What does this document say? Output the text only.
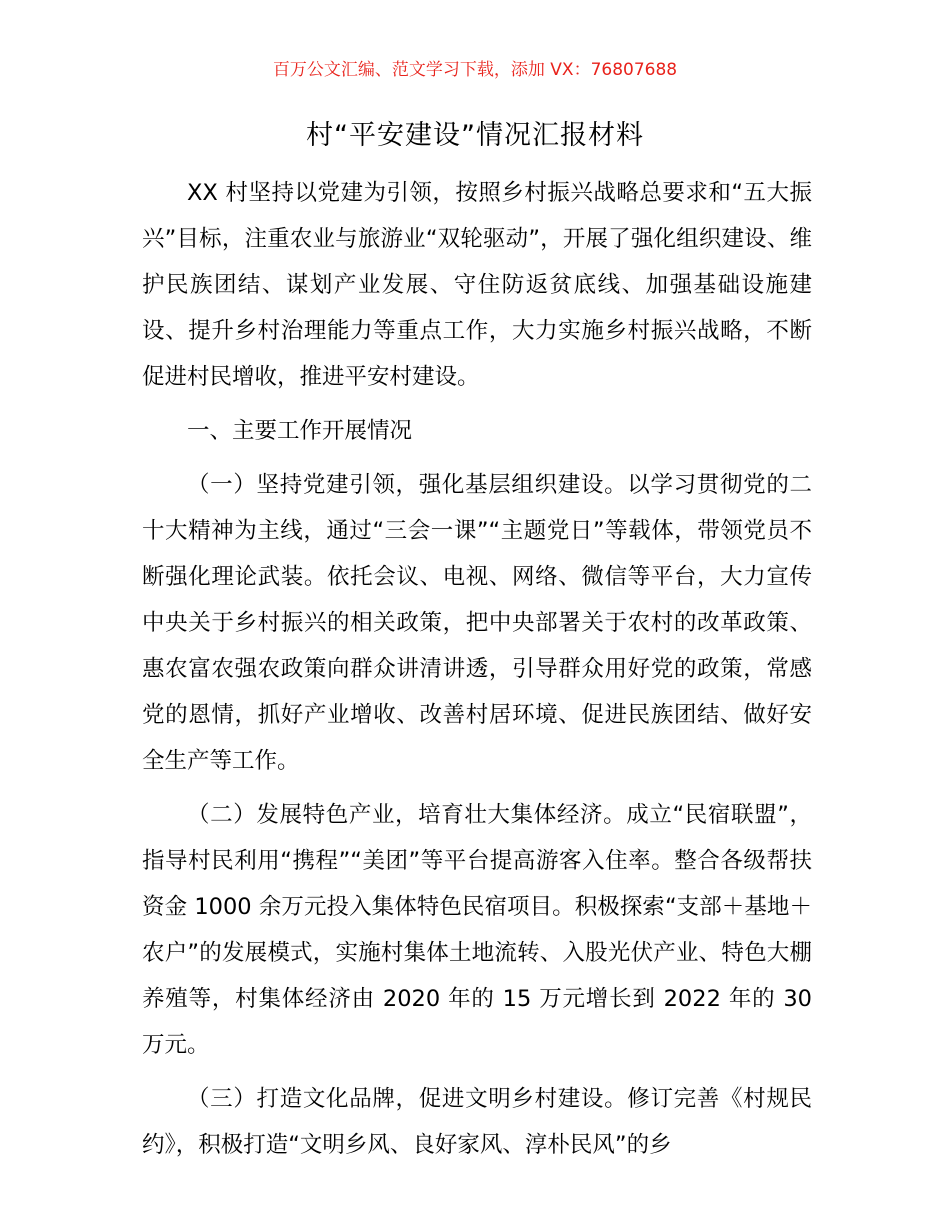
百万公文汇编、范文学习下载，添加 VX：76807688
村“平安建设”情况汇报材料

XX 村坚持以党建为引领，按照乡村振兴战略总要求和“五大振兴”目标，注重农业与旅游业“双轮驱动”，开展了强化组织建设、维护民族团结、谋划产业发展、守住防返贫底线、加强基础设施建设、提升乡村治理能力等重点工作，大力实施乡村振兴战略，不断促进村民增收，推进平安村建设。

一、主要工作开展情况

（一）坚持党建引领，强化基层组织建设。以学习贯彻党的二十大精神为主线，通过“三会一课”“主题党日”等载体，带领党员不断强化理论武装。依托会议、电视、网络、微信等平台，大力宣传中央关于乡村振兴的相关政策，把中央部署关于农村的改革政策、惠农富农强农政策向群众讲清讲透，引导群众用好党的政策，常感党的恩情，抓好产业增收、改善村居环境、促进民族团结、做好安全生产等工作。

（二）发展特色产业，培育壮大集体经济。成立“民宿联盟”，指导村民利用“携程”“美团”等平台提高游客入住率。整合各级帮扶资金 1000 余万元投入集体特色民宿项目。积极探索“支部＋基地＋农户”的发展模式，实施村集体土地流转、入股光伏产业、特色大棚养殖等，村集体经济由 2020 年的 15 万元增长到 2022 年的 30 万元。

（三）打造文化品牌，促进文明乡村建设。修订完善《村规民约》，积极打造“文明乡风、良好家风、淳朴民风”的乡
